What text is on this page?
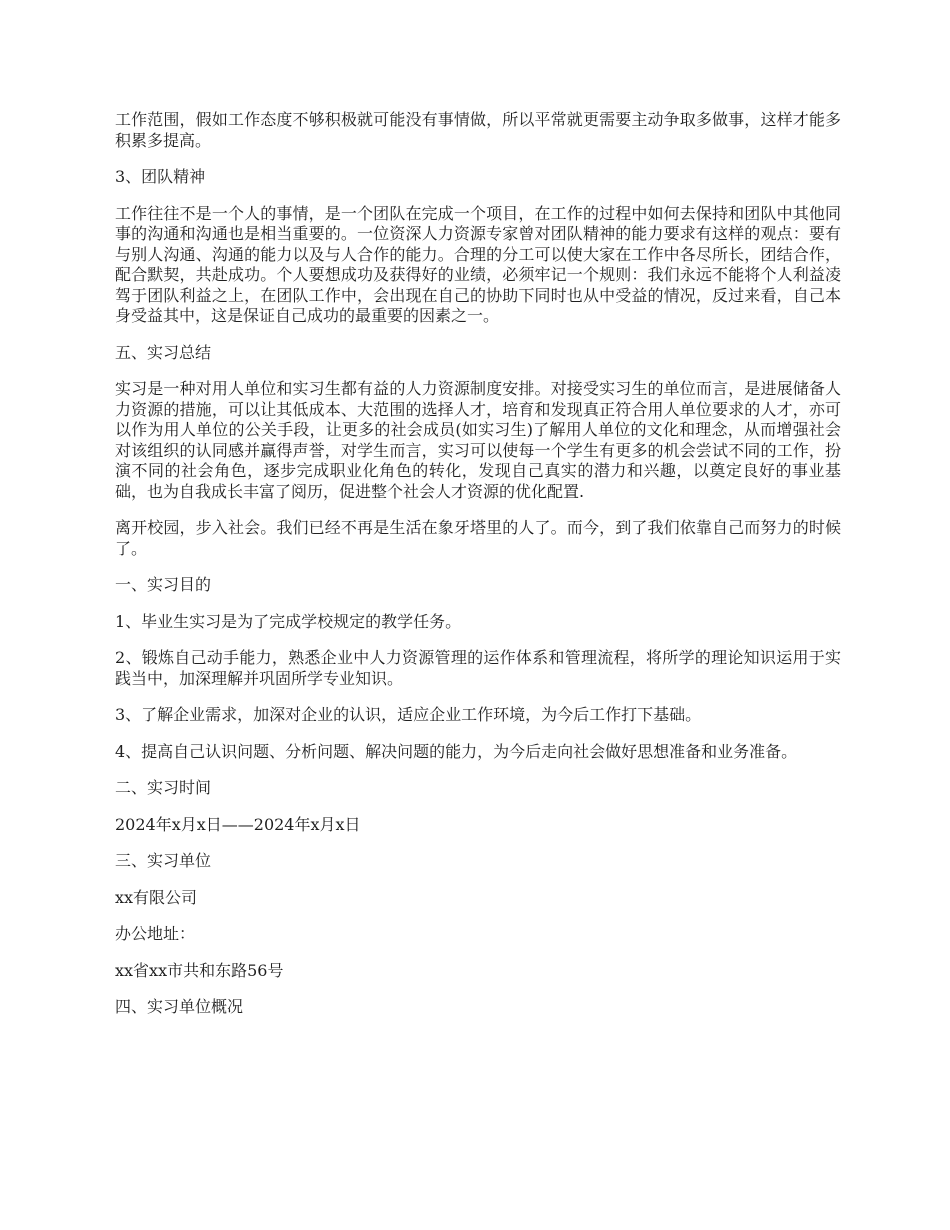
工作范围，假如工作态度不够积极就可能没有事情做，所以平常就更需要主动争取多做事，这样才能多积累多提高。

3、团队精神

工作往往不是一个人的事情，是一个团队在完成一个项目，在工作的过程中如何去保持和团队中其他同事的沟通和沟通也是相当重要的。一位资深人力资源专家曾对团队精神的能力要求有这样的观点：要有与别人沟通、沟通的能力以及与人合作的能力。合理的分工可以使大家在工作中各尽所长，团结合作，配合默契，共赴成功。个人要想成功及获得好的业绩，必须牢记一个规则：我们永远不能将个人利益凌驾于团队利益之上，在团队工作中，会出现在自己的协助下同时也从中受益的情况，反过来看，自己本身受益其中，这是保证自己成功的最重要的因素之一。

五、实习总结

实习是一种对用人单位和实习生都有益的人力资源制度安排。对接受实习生的单位而言，是进展储备人力资源的措施，可以让其低成本、大范围的选择人才，培育和发现真正符合用人单位要求的人才，亦可以作为用人单位的公关手段，让更多的社会成员(如实习生)了解用人单位的文化和理念，从而增强社会对该组织的认同感并赢得声誉，对学生而言，实习可以使每一个学生有更多的机会尝试不同的工作，扮演不同的社会角色，逐步完成职业化角色的转化，发现自己真实的潜力和兴趣，以奠定良好的事业基础，也为自我成长丰富了阅历，促进整个社会人才资源的优化配置.

离开校园，步入社会。我们已经不再是生活在象牙塔里的人了。而今，到了我们依靠自己而努力的时候了。

一、实习目的

1、毕业生实习是为了完成学校规定的教学任务。

2、锻炼自己动手能力，熟悉企业中人力资源管理的运作体系和管理流程，将所学的理论知识运用于实践当中，加深理解并巩固所学专业知识。

3、了解企业需求，加深对企业的认识，适应企业工作环境，为今后工作打下基础。

4、提高自己认识问题、分析问题、解决问题的能力，为今后走向社会做好思想准备和业务准备。

二、实习时间

2024年x月x日——2024年x月x日

三、实习单位

xx有限公司

办公地址：

xx省xx市共和东路56号

四、实习单位概况
